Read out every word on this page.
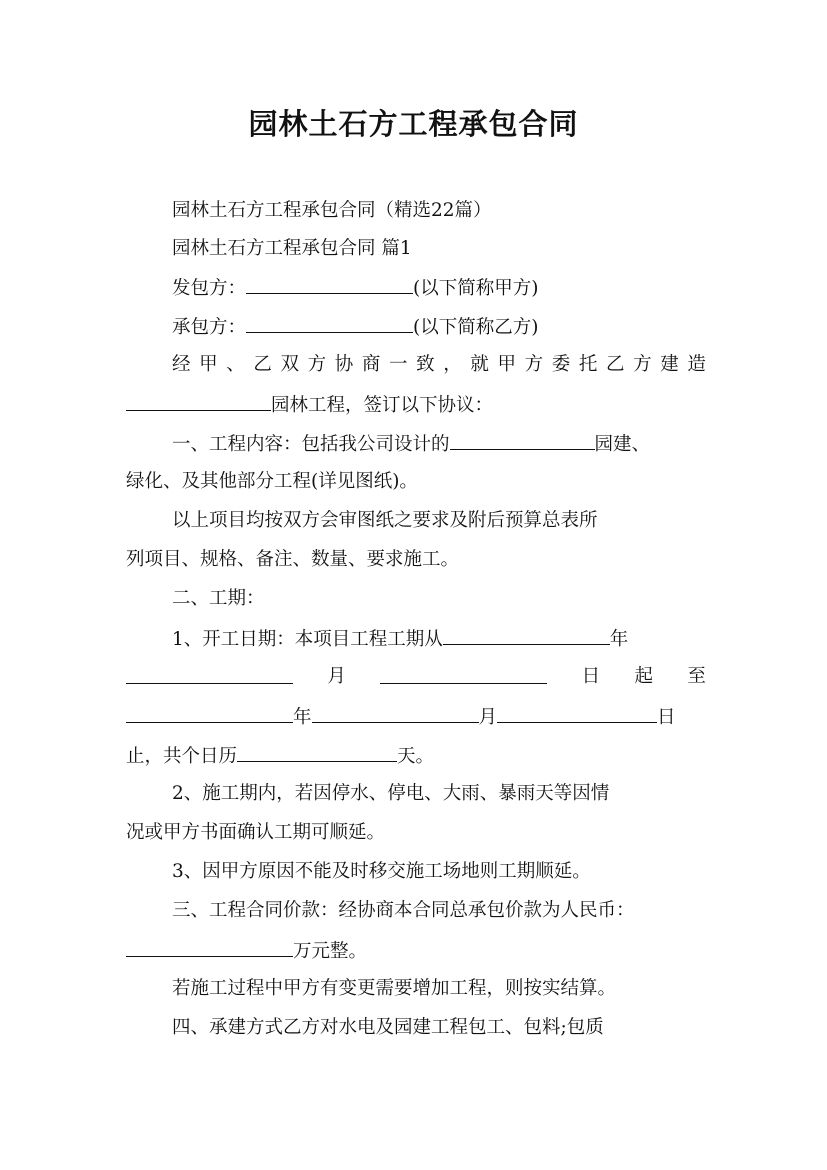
园林土石方工程承包合同
园林土石方工程承包合同（精选22篇）
园林土石方工程承包合同 篇1
发包方：	(以下简称甲方)
承包方：	(以下简称乙方)
经 甲 、 乙 双 方 协 商 一 致 ， 就 甲 方 委 托 乙 方 建 造
园林工程，签订以下协议：
一、工程内容：包括我公司设计的	园建、
绿化、及其他部分工程(详见图纸)。
以上项目均按双方会审图纸之要求及附后预算总表所
列项目、规格、备注、数量、要求施工。
二、工期：
1、开工日期：本项目工程工期从	年
月	日 起 至
年	月	日
止，共个日历	天。
2、施工期内，若因停水、停电、大雨、暴雨天等因情
况或甲方书面确认工期可顺延。
3、因甲方原因不能及时移交施工场地则工期顺延。
三、工程合同价款：经协商本合同总承包价款为人民币：
万元整。
若施工过程中甲方有变更需要增加工程，则按实结算。
四、承建方式乙方对水电及园建工程包工、包料;包质
